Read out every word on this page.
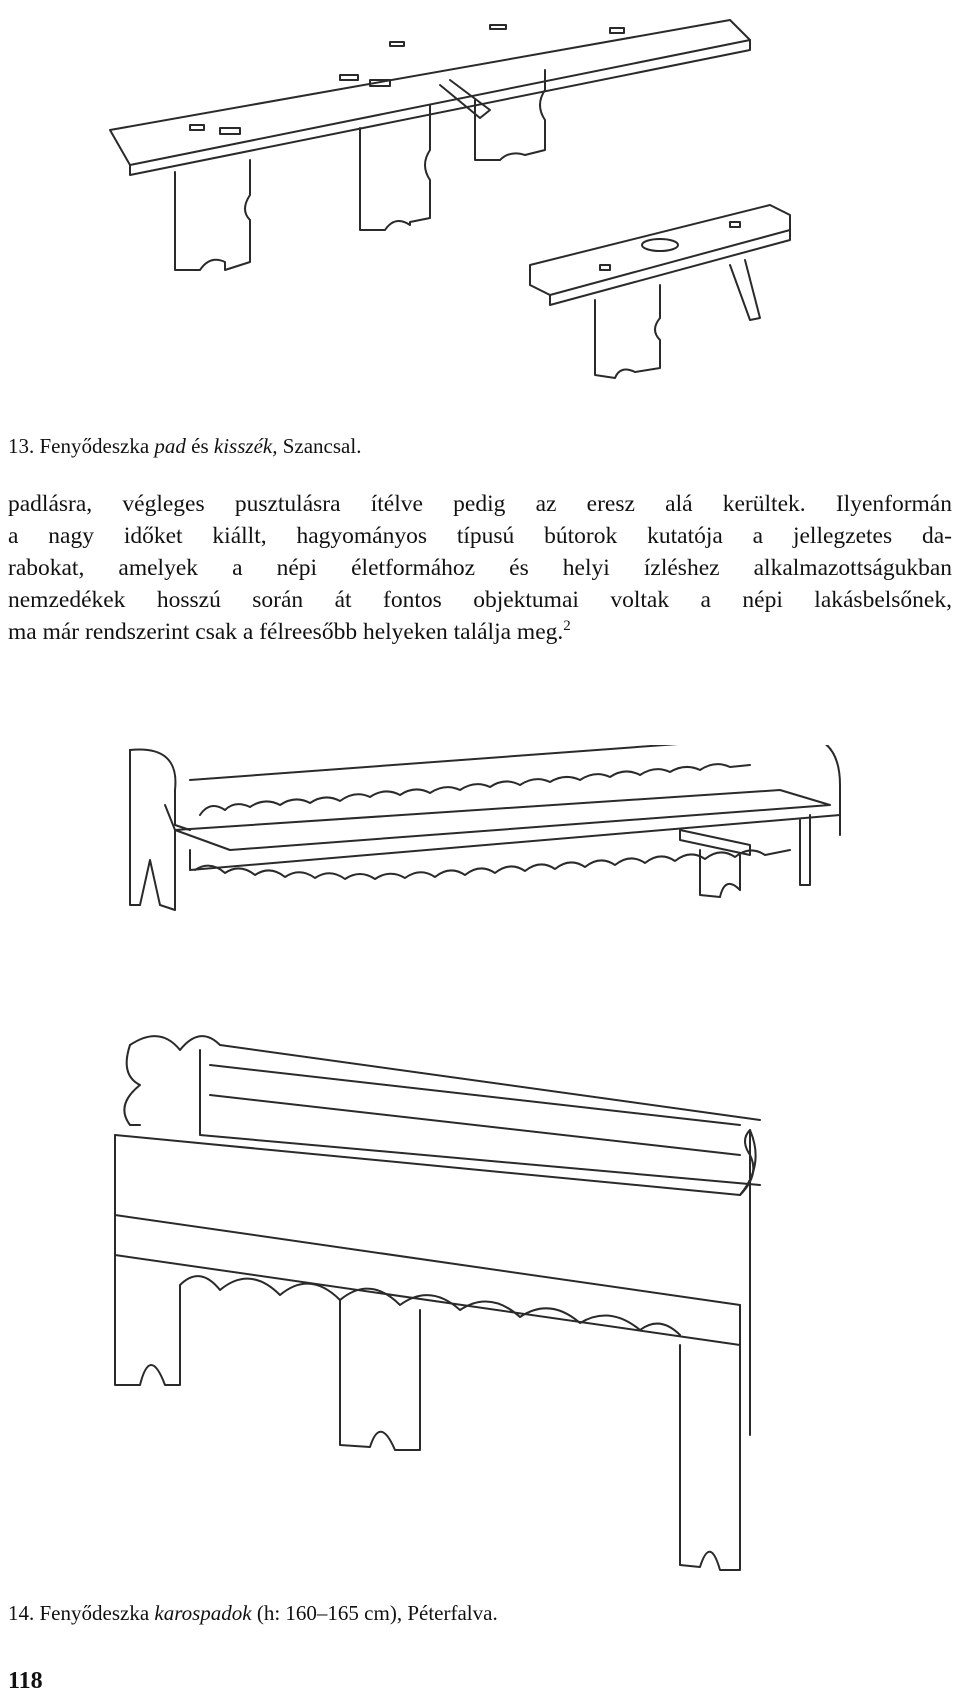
13. Fenyődeszka pad és kisszék, Szancsal.
padlásra, végleges pusztulásra ítélve pedig az eresz alá kerültek. Ilyenformán
a nagy időket kiállt, hagyományos típusú bútorok kutatója a jellegzetes da-
rabokat, amelyek a népi életformához és helyi ízléshez alkalmazottságukban
nemzedékek hosszú során át fontos objektumai voltak a népi lakásbelsőnek,
ma már rendszerint csak a félreesőbb helyeken találja meg.$^2$
14. Fenyődeszka karospadok (h: 160–165 cm), Péterfalva.
118
